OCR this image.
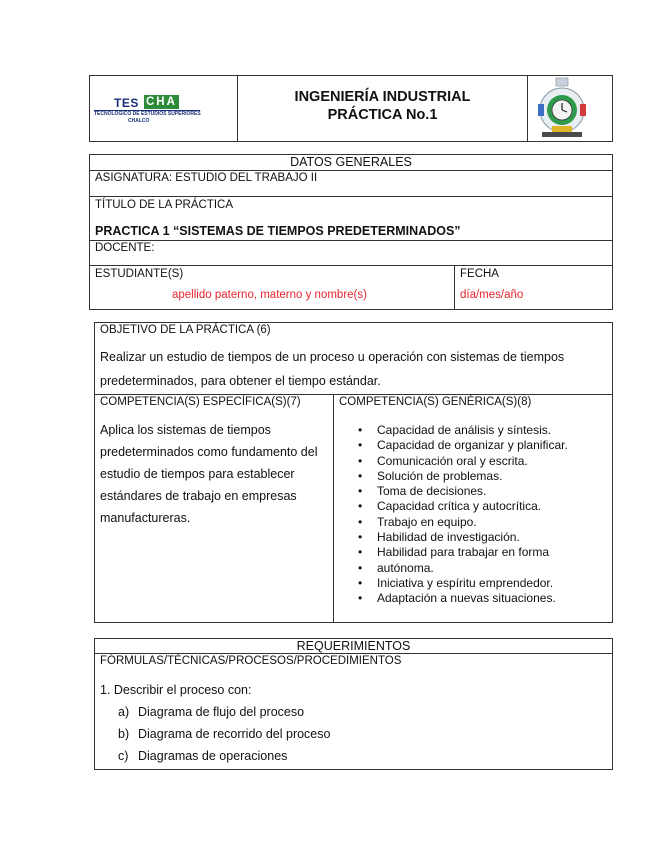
TES CHA
TECNOLÓGICO DE ESTUDIOS SUPERIORES
CHALCO
INGENIERÍA INDUSTRIAL
PRÁCTICA No.1
DATOS GENERALES
ASIGNATURA: ESTUDIO DEL TRABAJO II
TÍTULO DE LA PRÁCTICA
PRACTICA 1 “SISTEMAS DE TIEMPOS PREDETERMINADOS”
DOCENTE:
ESTUDIANTE(S)
apellido paterno, materno y nombre(s)
FECHA
día/mes/año
OBJETIVO DE LA PRÁCTICA (6)
Realizar un estudio de tiempos de un proceso u operación con sistemas de tiempos
predeterminados, para obtener el tiempo estándar.
COMPETENCIA(S) ESPECÍFICA(S)(7)
Aplica los sistemas de tiempos
predeterminados como fundamento del
estudio de tiempos para establecer
estándares de trabajo en empresas
manufactureras.
COMPETENCIA(S) GENÉRICA(S)(8)
• Capacidad de análisis y síntesis.
• Capacidad de organizar y planificar.
• Comunicación oral y escrita.
• Solución de problemas.
• Toma de decisiones.
• Capacidad crítica y autocrítica.
• Trabajo en equipo.
• Habilidad de investigación.
• Habilidad para trabajar en forma
• autónoma.
• Iniciativa y espíritu emprendedor.
• Adaptación a nuevas situaciones.
REQUERIMIENTOS
FÓRMULAS/TÉCNICAS/PROCESOS/PROCEDIMIENTOS
1. Describir el proceso con:
a) Diagrama de flujo del proceso
b) Diagrama de recorrido del proceso
c) Diagramas de operaciones
